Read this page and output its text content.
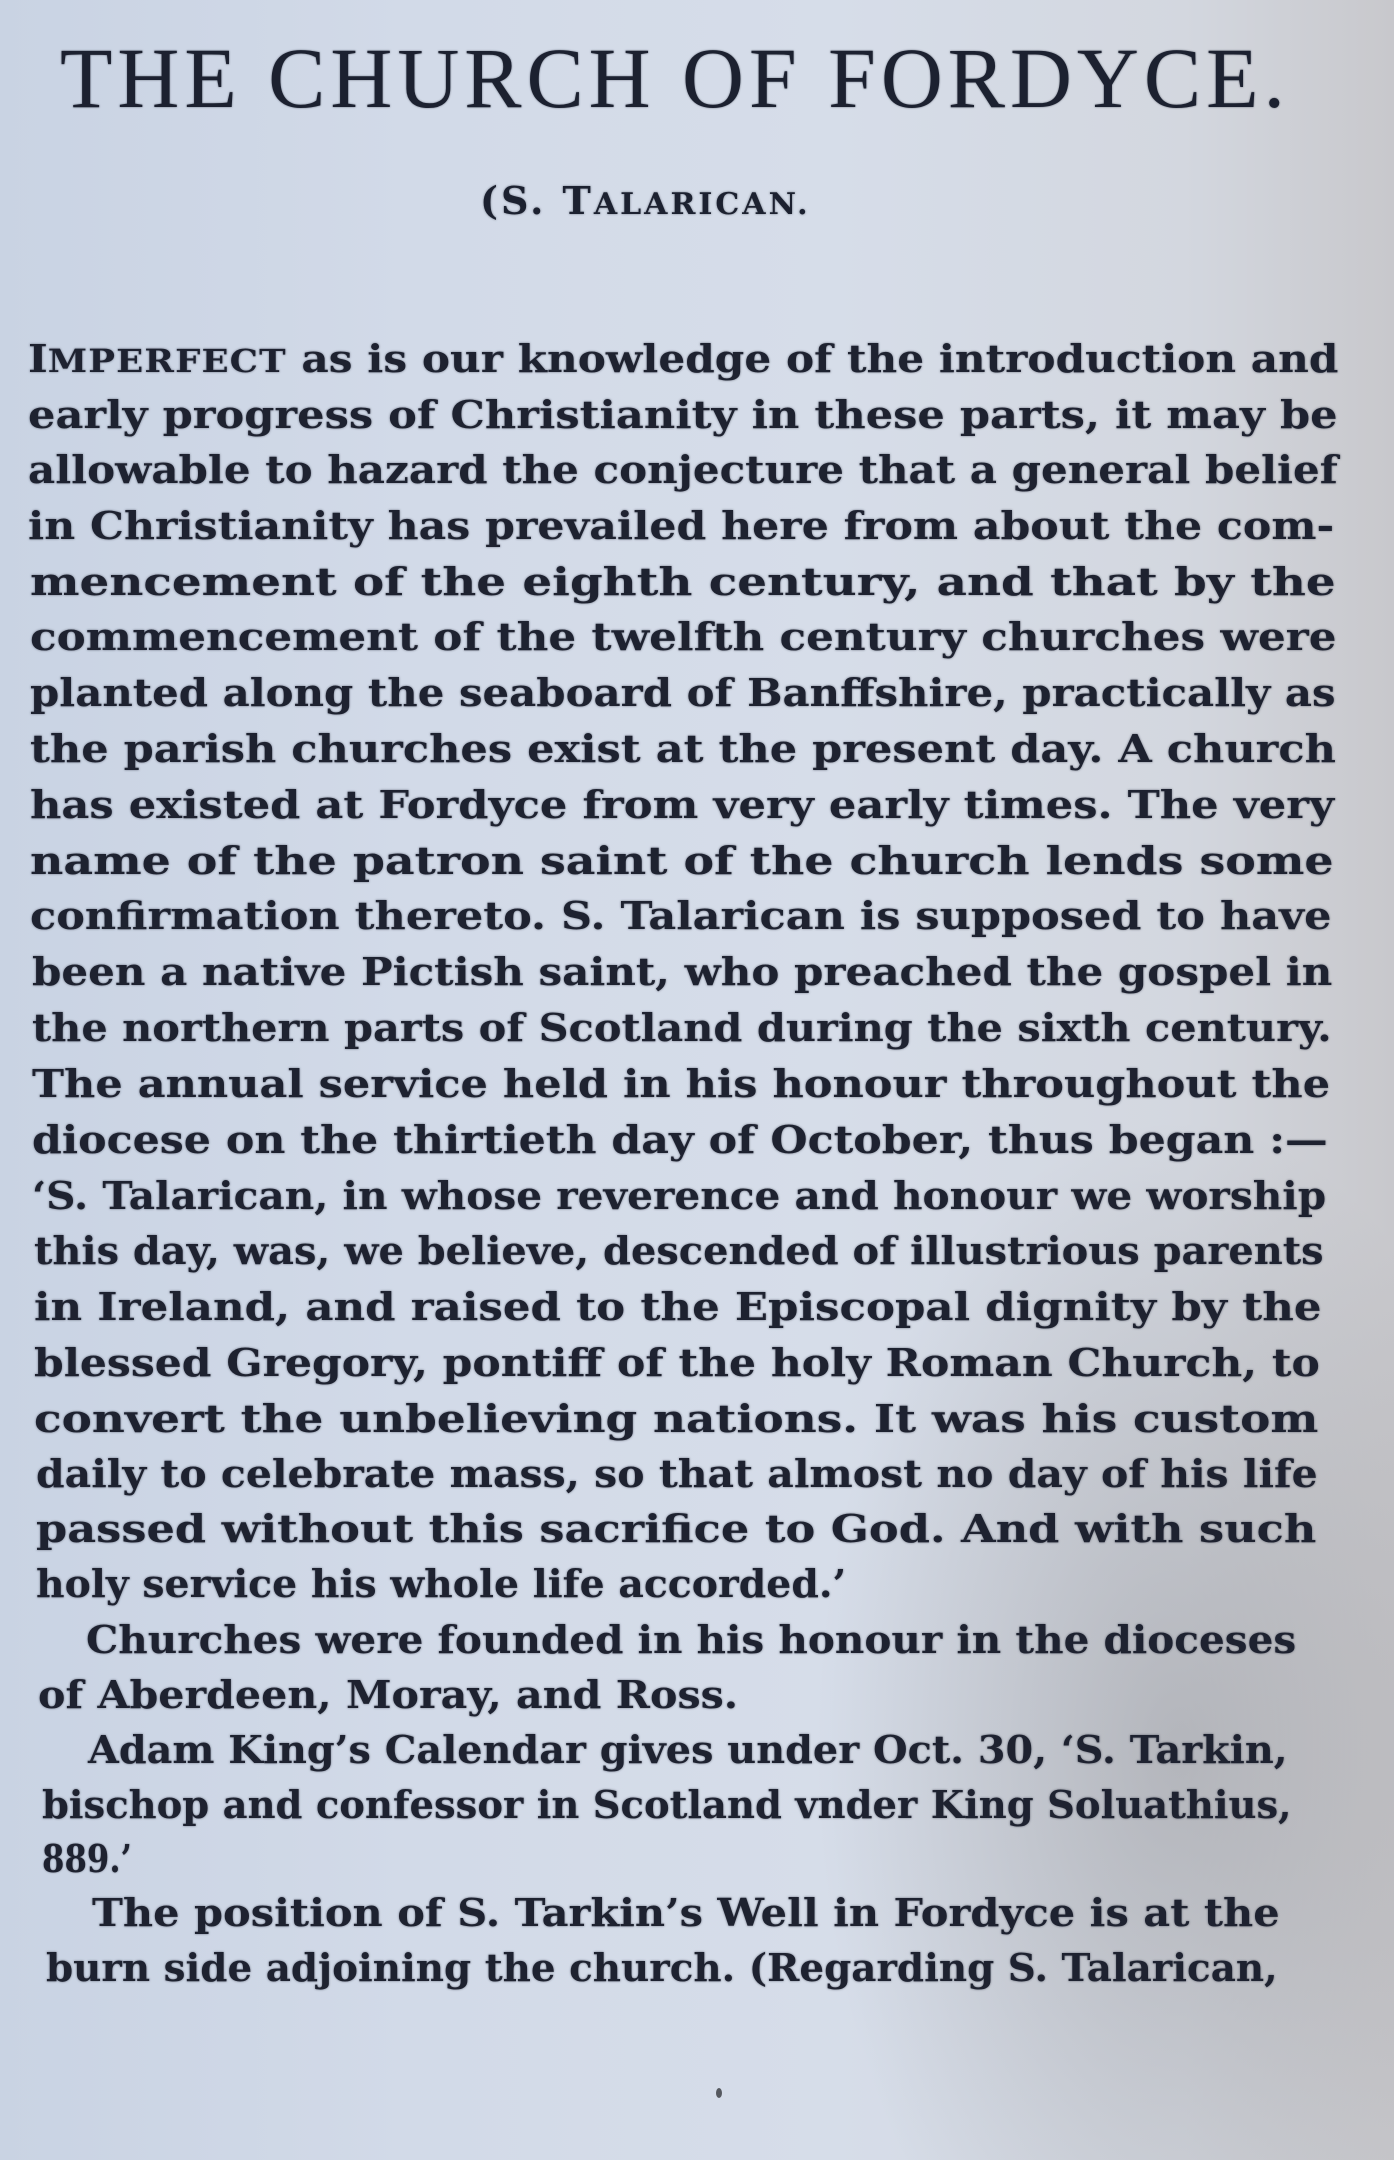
THE CHURCH OF FORDYCE.
(S. TALARICAN.
IMPERFECT as is our knowledge of the introduction and
early progress of Christianity in these parts, it may be
allowable to hazard the conjecture that a general belief
in Christianity has prevailed here from about the com-
mencement of the eighth century, and that by the
commencement of the twelfth century churches were
planted along the seaboard of Banffshire, practically as
the parish churches exist at the present day. A church
has existed at Fordyce from very early times. The very
name of the patron saint of the church lends some
confirmation thereto. S. Talarican is supposed to have
been a native Pictish saint, who preached the gospel in
the northern parts of Scotland during the sixth century.
The annual service held in his honour throughout the
diocese on the thirtieth day of October, thus began :—
‘S. Talarican, in whose reverence and honour we worship
this day, was, we believe, descended of illustrious parents
in Ireland, and raised to the Episcopal dignity by the
blessed Gregory, pontiff of the holy Roman Church, to
convert the unbelieving nations. It was his custom
daily to celebrate mass, so that almost no day of his life
passed without this sacrifice to God. And with such
holy service his whole life accorded.’
Churches were founded in his honour in the dioceses
of Aberdeen, Moray, and Ross.
Adam King’s Calendar gives under Oct. 30, ‘S. Tarkin,
bischop and confessor in Scotland vnder King Soluathius,
889.’
The position of S. Tarkin’s Well in Fordyce is at the
burn side adjoining the church. (Regarding S. Talarican,
